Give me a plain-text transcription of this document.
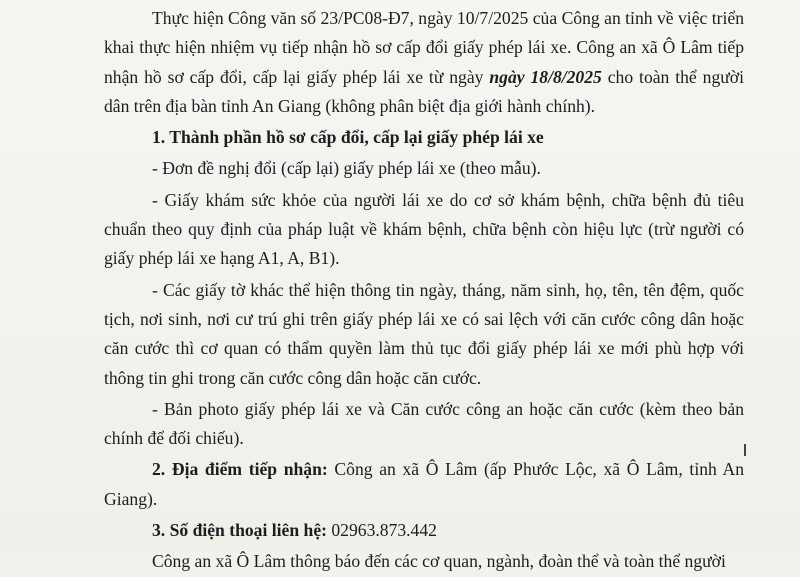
Thực hiện Công văn số 23/PC08-Đ7, ngày 10/7/2025 của Công an tỉnh về việc triển khai thực hiện nhiệm vụ tiếp nhận hồ sơ cấp đổi giấy phép lái xe. Công an xã Ô Lâm tiếp nhận hồ sơ cấp đổi, cấp lại giấy phép lái xe từ ngày ngày 18/8/2025 cho toàn thể người dân trên địa bàn tỉnh An Giang (không phân biệt địa giới hành chính).

1. Thành phần hồ sơ cấp đổi, cấp lại giấy phép lái xe

- Đơn đề nghị đổi (cấp lại) giấy phép lái xe (theo mẫu).

- Giấy khám sức khỏe của người lái xe do cơ sở khám bệnh, chữa bệnh đủ tiêu chuẩn theo quy định của pháp luật về khám bệnh, chữa bệnh còn hiệu lực (trừ người có giấy phép lái xe hạng A1, A, B1).

- Các giấy tờ khác thể hiện thông tin ngày, tháng, năm sinh, họ, tên, tên đệm, quốc tịch, nơi sinh, nơi cư trú ghi trên giấy phép lái xe có sai lệch với căn cước công dân hoặc căn cước thì cơ quan có thẩm quyền làm thủ tục đổi giấy phép lái xe mới phù hợp với thông tin ghi trong căn cước công dân hoặc căn cước.

- Bản photo giấy phép lái xe và Căn cước công an hoặc căn cước (kèm theo bản chính để đối chiếu).

2. Địa điểm tiếp nhận: Công an xã Ô Lâm (ấp Phước Lộc, xã Ô Lâm, tỉnh An Giang).

3. Số điện thoại liên hệ: 02963.873.442

Công an xã Ô Lâm thông báo đến các cơ quan, ngành, đoàn thể và toàn thể người
